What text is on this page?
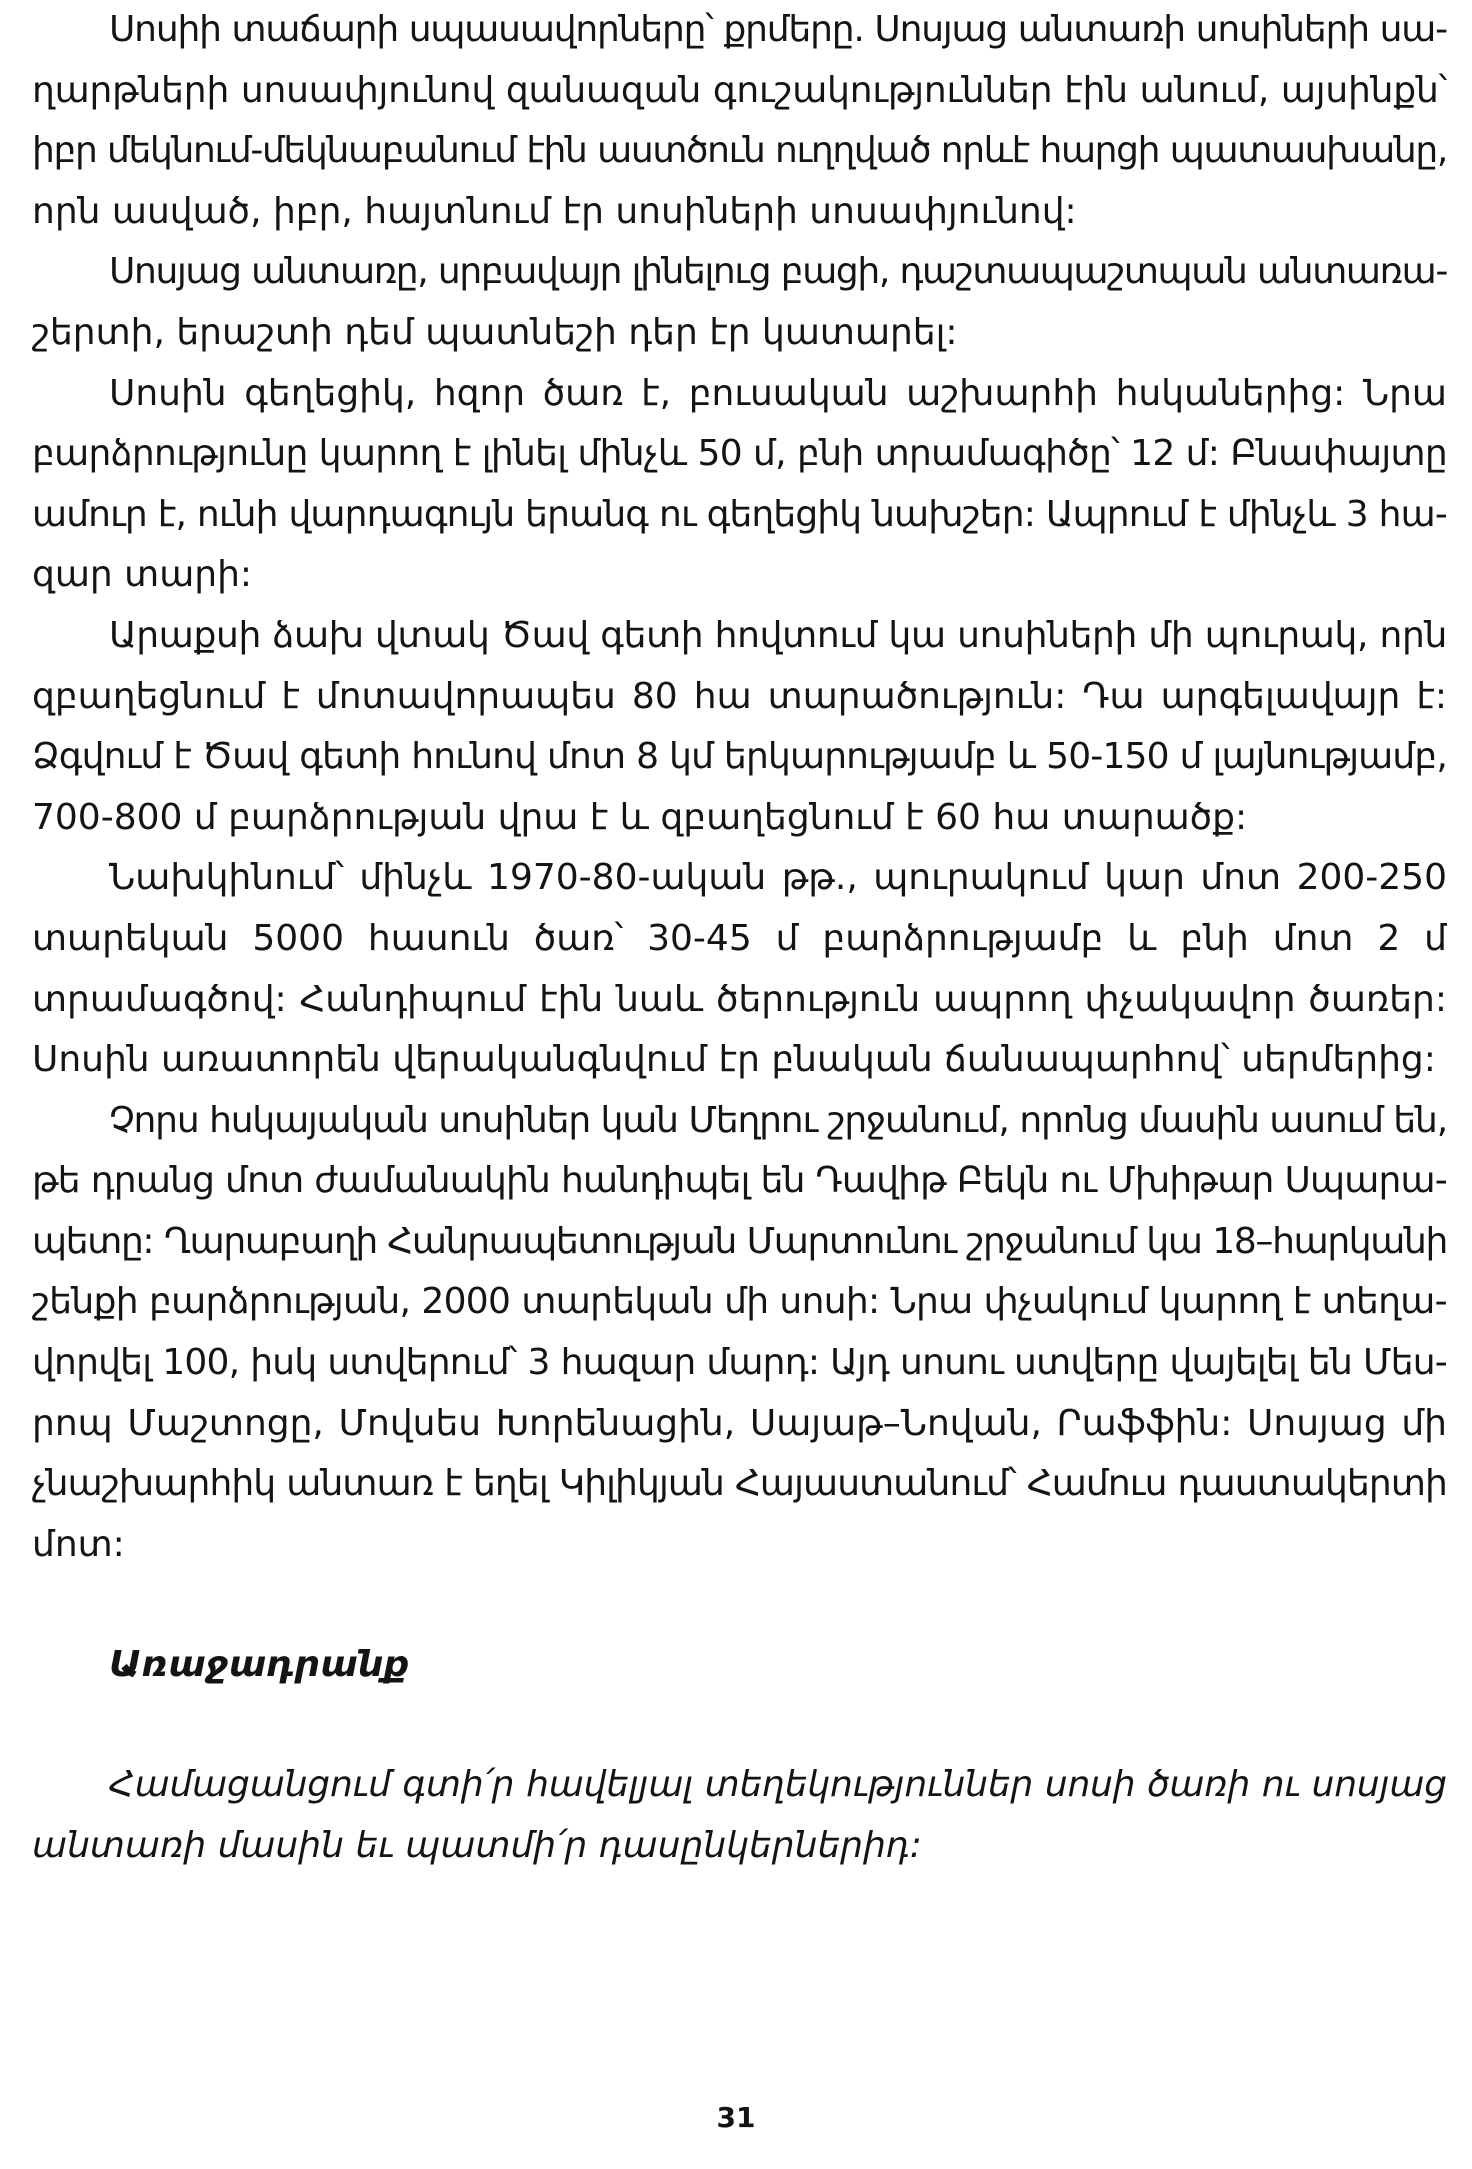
Սոսիի տաճարի սպասավորները՝ քրմերը. Սոսյաց անտառի սոսիների սա-
ղարթների սոսափյունով զանազան գուշակություններ էին անում, այսինքն՝
իբր մեկնում-մեկնաբանում էին աստծուն ուղղված որևէ հարցի պատասխանը,
որն ասված, իբր, հայտնում էր սոսիների սոսափյունով:
Սոսյաց անտառը, սրբավայր լինելուց բացի, դաշտապաշտպան անտառա-
շերտի, երաշտի դեմ պատնեշի դեր էր կատարել:
Սոսին գեղեցիկ, հզոր ծառ է, բուսական աշխարհի հսկաներից: Նրա
բարձրությունը կարող է լինել մինչև 50 մ, բնի տրամագիծը՝ 12 մ: Բնափայտը
ամուր է, ունի վարդագույն երանգ ու գեղեցիկ նախշեր: Ապրում է մինչև 3 հա-
զար տարի:
Արաքսի ձախ վտակ Ծավ գետի հովտում կա սոսիների մի պուրակ, որն
զբաղեցնում է մոտավորապես 80 հա տարածություն: Դա արգելավայր է:
Ձգվում է Ծավ գետի հունով մոտ 8 կմ երկարությամբ և 50-150 մ լայնությամբ,
700-800 մ բարձրության վրա է և զբաղեցնում է 60 հա տարածք:
Նախկինում՝ մինչև 1970-80-ական թթ., պուրակում կար մոտ 200-250
տարեկան 5000 հասուն ծառ՝ 30-45 մ բարձրությամբ և բնի մոտ 2 մ
տրամագծով: Հանդիպում էին նաև ծերություն ապրող փչակավոր ծառեր:
Սոսին առատորեն վերականգնվում էր բնական ճանապարհով՝ սերմերից:
Չորս հսկայական սոսիներ կան Մեղրու շրջանում, որոնց մասին ասում են,
թե դրանց մոտ ժամանակին հանդիպել են Դավիթ Բեկն ու Մխիթար Սպարա-
պետը: Ղարաբաղի Հանրապետության Մարտունու շրջանում կա 18–հարկանի
շենքի բարձրության, 2000 տարեկան մի սոսի: Նրա փչակում կարող է տեղա-
վորվել 100, իսկ ստվերում՝ 3 հազար մարդ: Այդ սոսու ստվերը վայելել են Մես-
րոպ Մաշտոցը, Մովսես Խորենացին, Սայաթ–Նովան, Րաֆֆին: Սոսյաց մի
չնաշխարհիկ անտառ է եղել Կիլիկյան Հայաստանում՝ Համուս դաստակերտի
մոտ:
Առաջադրանք
Համացանցում գտի՛ր հավելյալ տեղեկություններ սոսի ծառի ու սոսյաց
անտառի մասին եւ պատմի՛ր դասընկերներիդ:
31
